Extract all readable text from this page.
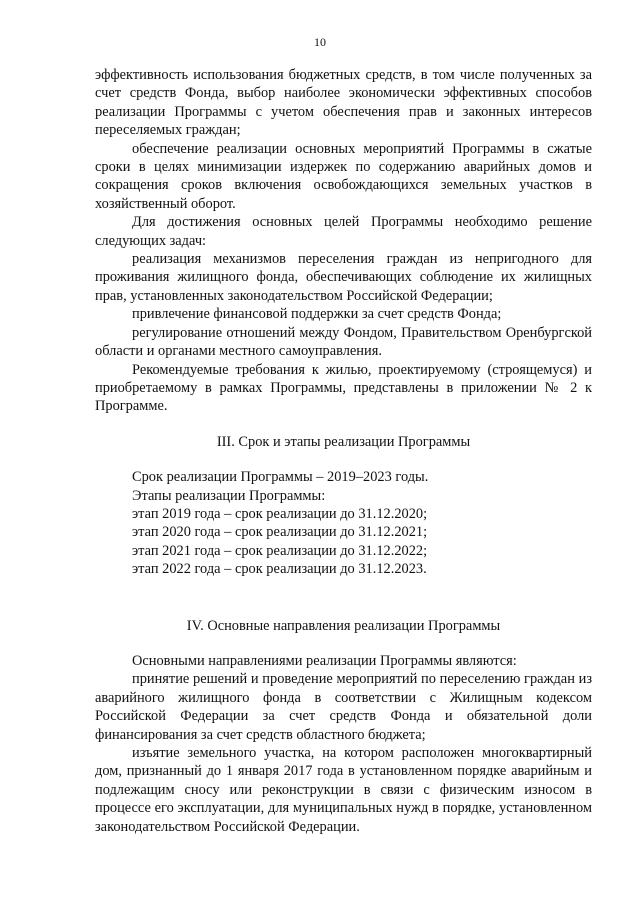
10

эффективность использования бюджетных средств, в том числе полученных за счет средств Фонда, выбор наиболее экономически эффективных способов реализации Программы с учетом обеспечения прав и законных интересов переселяемых граждан;

обеспечение реализации основных мероприятий Программы в сжатые сроки в целях минимизации издержек по содержанию аварийных домов и сокращения сроков включения освобождающихся земельных участков в хозяйственный оборот.

Для достижения основных целей Программы необходимо решение следующих задач:

реализация механизмов переселения граждан из непригодного для проживания жилищного фонда, обеспечивающих соблюдение их жилищных прав, установленных законодательством Российской Федерации;

привлечение финансовой поддержки за счет средств Фонда;

регулирование отношений между Фондом, Правительством Оренбургской области и органами местного самоуправления.

Рекомендуемые требования к жилью, проектируемому (строящемуся) и приобретаемому в рамках Программы, представлены в приложении № 2 к Программе.

III. Срок и этапы реализации Программы
Срок реализации Программы – 2019–2023 годы.
Этапы реализации Программы:
этап 2019 года – срок реализации до 31.12.2020;
этап 2020 года – срок реализации до 31.12.2021;
этап 2021 года – срок реализации до 31.12.2022;
этап 2022 года – срок реализации до 31.12.2023.
IV. Основные направления реализации Программы

Основными направлениями реализации Программы являются:

принятие решений и проведение мероприятий по переселению граждан из аварийного жилищного фонда в соответствии с Жилищным кодексом Российской Федерации за счет средств Фонда и обязательной доли финансирования за счет средств областного бюджета;

изъятие земельного участка, на котором расположен многоквартирный дом, признанный до 1 января 2017 года в установленном порядке аварийным и подлежащим сносу или реконструкции в связи с физическим износом в процессе его эксплуатации, для муниципальных нужд в порядке, установленном законодательством Российской Федерации.
